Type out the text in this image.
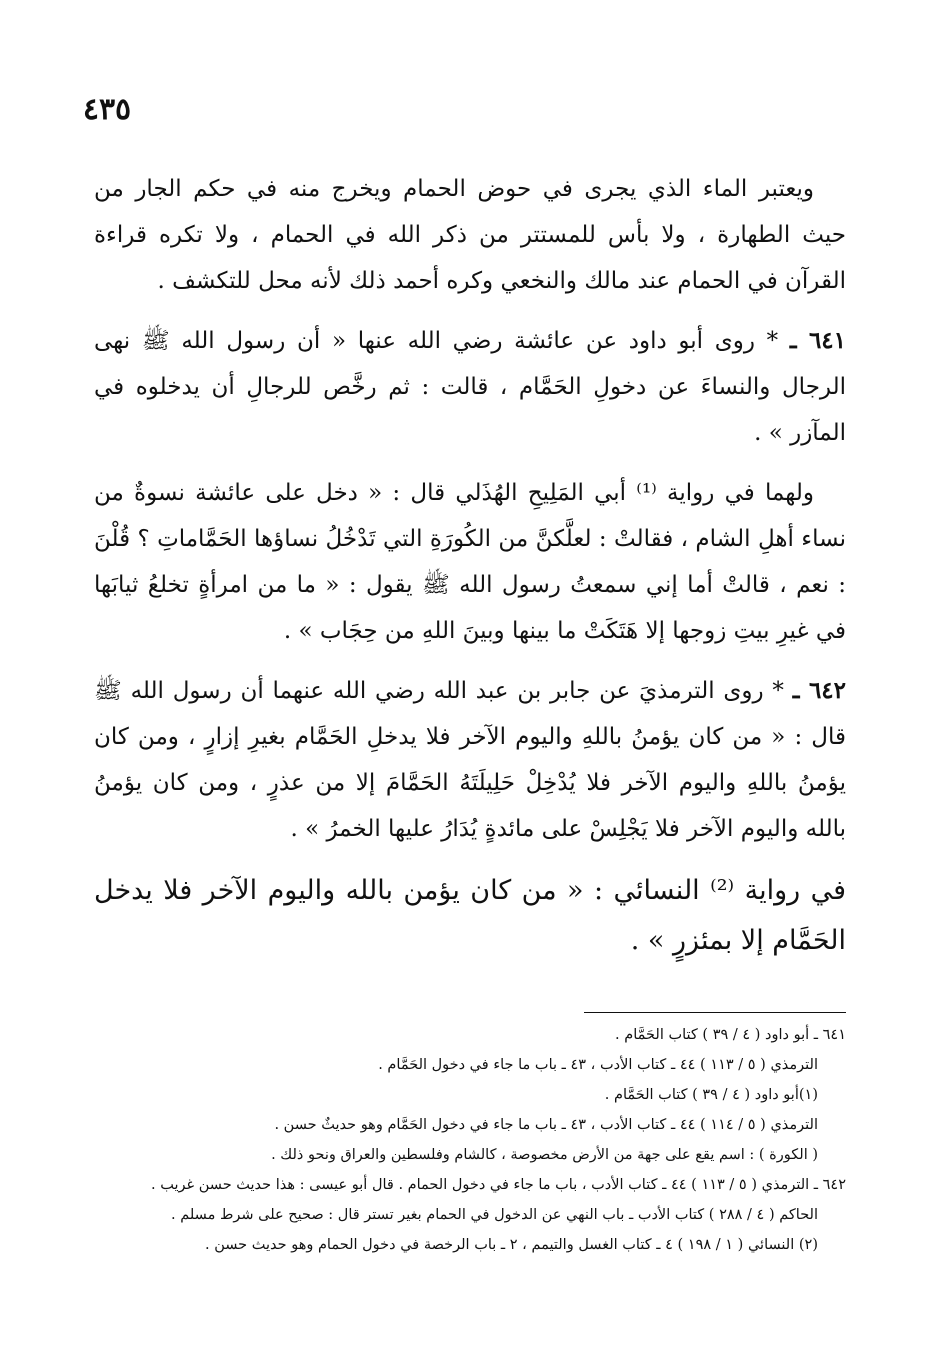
٤٣٥

ويعتبر الماء الذي يجرى في حوض الحمام ويخرج منه في حكم الجار من حيث الطهارة ، ولا بأس للمستتر من ذكر الله في الحمام ، ولا تكره قراءة القرآن في الحمام عند مالك والنخعي وكره أحمد ذلك لأنه محل للتكشف .

٦٤١ ـ * روى أبو داود عن عائشة رضي الله عنها « أن رسول الله ﷺ نهى الرجال والنساءَ عن دخولِ الحَمَّام ، قالت : ثم رخَّص للرجالِ أن يدخلوه في المآزر » .

ولهما في رواية ⁽¹⁾ أبي المَلِيحِ الهُذَلي قال : « دخل على عائشة نسوةٌ من نساء أهلِ الشام ، فقالتْ : لعلَّكنَّ من الكُورَةِ التي تَدْخُلُ نساؤها الحَمَّاماتِ ؟ قُلْنَ : نعم ، قالتْ أما إني سمعتُ رسول الله ﷺ يقول : « ما من امرأةٍ تخلعُ ثيابَها في غيرِ بيتِ زوجها إلا هَتَكَتْ ما بينها وبينَ اللهِ من حِجَاب » .

٦٤٢ ـ * روى الترمذيَ عن جابر بن عبد الله رضي الله عنهما أن رسول الله ﷺ قال : « من كان يؤمنُ باللهِ واليوم الآخر فلا يدخلِ الحَمَّام بغيرِ إزارٍ ، ومن كان يؤمنُ باللهِ واليوم الآخر فلا يُدْخِلْ حَلِيلَتَهُ الحَمَّامَ إلا من عذرٍ ، ومن كان يؤمنُ بالله واليوم الآخر فلا يَجْلِسْ على مائدةٍ يُدَارُ عليها الخمرُ » .

في رواية ⁽²⁾ النسائي : « من كان يؤمن بالله واليوم الآخر فلا يدخل الحَمَّام إلا بمئزرٍ » .

٦٤١ ـ أبو داود ( ٤ / ٣٩ ) كتاب الحَمَّام .

الترمذي ( ٥ / ١١٣ ) ٤٤ ـ كتاب الأدب ، ٤٣ ـ باب ما جاء في دخول الحَمَّام .

(١)أبو داود ( ٤ / ٣٩ ) كتاب الحَمَّام .

الترمذي ( ٥ / ١١٤ ) ٤٤ ـ كتاب الأدب ، ٤٣ ـ باب ما جاء في دخول الحَمَّام وهو حديثٌ حسن .

( الكورة ) : اسم يقع على جهة من الأرض مخصوصة ، كالشام وفلسطين والعراق ونحو ذلك .

٦٤٢ ـ الترمذي ( ٥ / ١١٣ ) ٤٤ ـ كتاب الأدب ، باب ما جاء في دخول الحمام . قال أبو عيسى : هذا حديث حسن غريب .

الحاكم ( ٤ / ٢٨٨ ) كتاب الأدب ـ باب النهي عن الدخول في الحمام بغير تستر قال : صحيح على شرط مسلم .

(٢) النسائي ( ١ / ١٩٨ ) ٤ ـ كتاب الغسل والتيمم ، ٢ ـ باب الرخصة في دخول الحمام وهو حديث حسن .
